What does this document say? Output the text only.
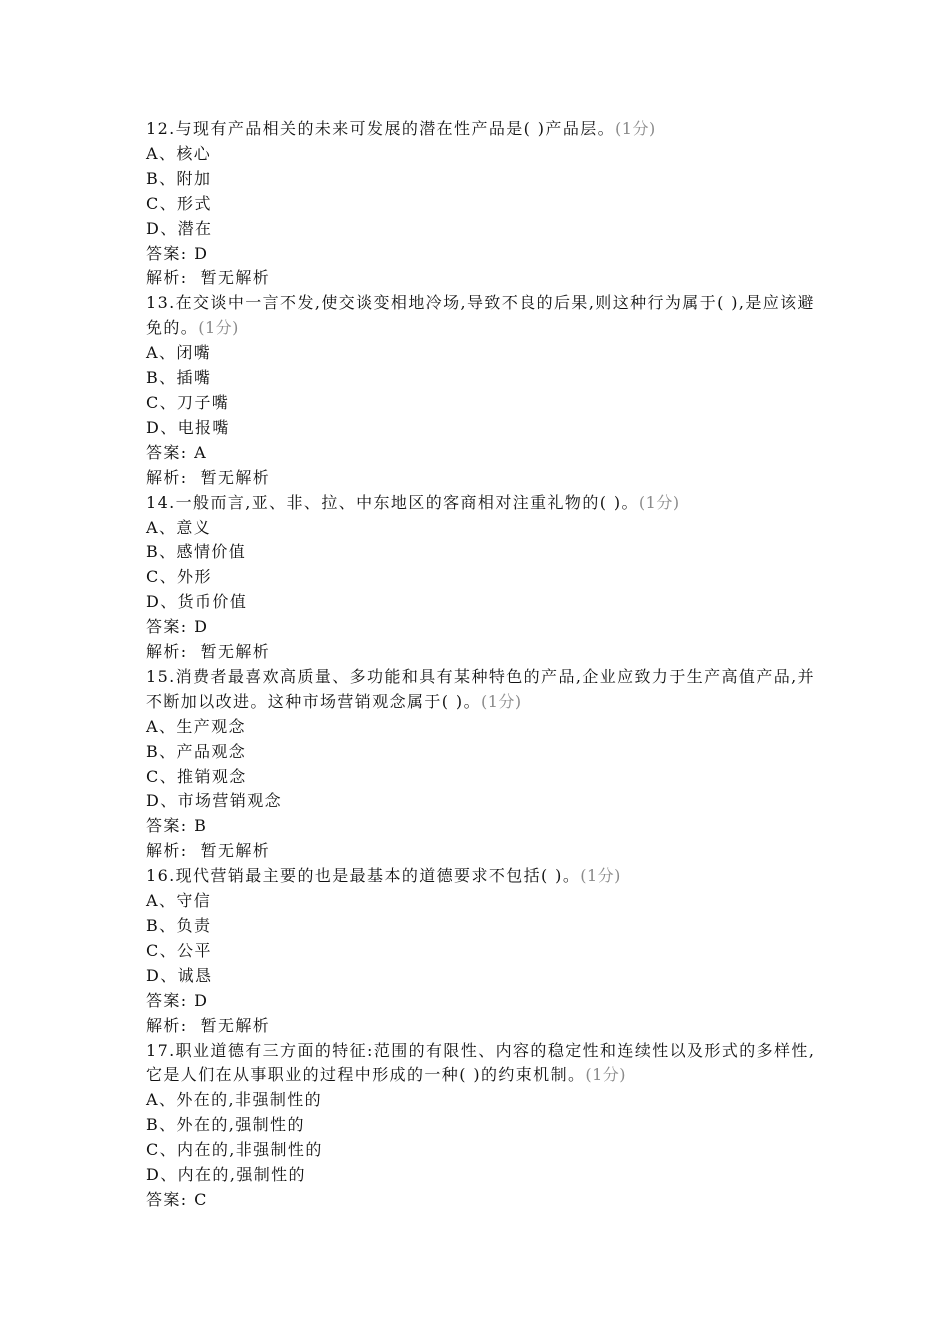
12.与现有产品相关的未来可发展的潜在性产品是( )产品层。(1分)
A、核心
B、附加
C、形式
D、潜在
答案: D
解析:  暂无解析
13.在交谈中一言不发,使交谈变相地冷场,导致不良的后果,则这种行为属于( ),是应该避免的。(1分)
A、闭嘴
B、插嘴
C、刀子嘴
D、电报嘴
答案: A
解析:  暂无解析
14.一般而言,亚、非、拉、中东地区的客商相对注重礼物的( )。(1分)
A、意义
B、感情价值
C、外形
D、货币价值
答案: D
解析:  暂无解析
15.消费者最喜欢高质量、多功能和具有某种特色的产品,企业应致力于生产高值产品,并不断加以改进。这种市场营销观念属于( )。(1分)
A、生产观念
B、产品观念
C、推销观念
D、市场营销观念
答案: B
解析:  暂无解析
16.现代营销最主要的也是最基本的道德要求不包括( )。(1分)
A、守信
B、负责
C、公平
D、诚恳
答案: D
解析:  暂无解析
17.职业道德有三方面的特征:范围的有限性、内容的稳定性和连续性以及形式的多样性,它是人们在从事职业的过程中形成的一种( )的约束机制。(1分)
A、外在的,非强制性的
B、外在的,强制性的
C、内在的,非强制性的
D、内在的,强制性的
答案: C
